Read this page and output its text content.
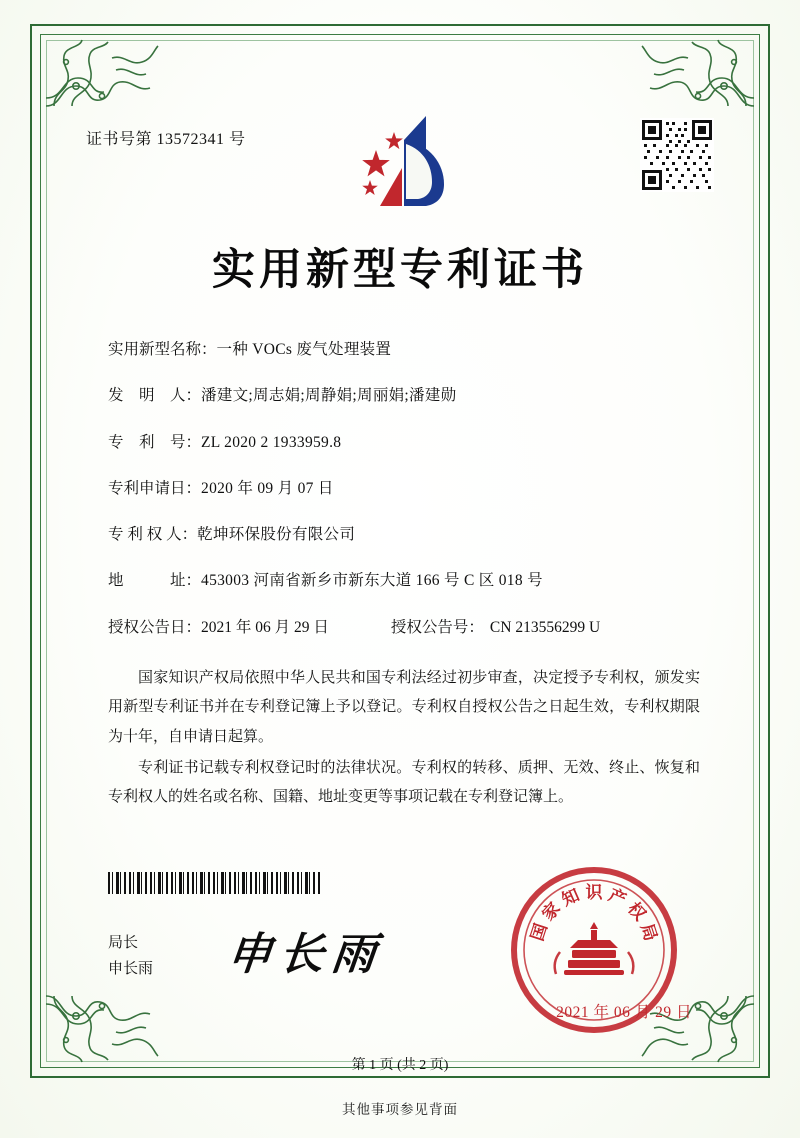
证书号第 13572341 号
实用新型专利证书
实用新型名称： 一种 VOCs 废气处理装置
发　明　人： 潘建文;周志娟;周静娟;周丽娟;潘建勋
专　利　号： ZL 2020 2 1933959.8
专利申请日： 2020 年 09 月 07 日
专 利 权 人： 乾坤环保股份有限公司
地　　　址： 453003 河南省新乡市新东大道 166 号 C 区 018 号
授权公告日： 2021 年 06 月 29 日	授权公告号： CN 213556299 U

国家知识产权局依照中华人民共和国专利法经过初步审查，决定授予专利权，颁发实用新型专利证书并在专利登记簿上予以登记。专利权自授权公告之日起生效，专利权期限为十年，自申请日起算。

专利证书记载专利权登记时的法律状况。专利权的转移、质押、无效、终止、恢复和专利权人的姓名或名称、国籍、地址变更等事项记载在专利登记簿上。

局长
申长雨 申长雨	国
家
知 识 产
权
局
2021 年 06 月 29 日
第 1 页 (共 2 页)
其他事项参见背面
